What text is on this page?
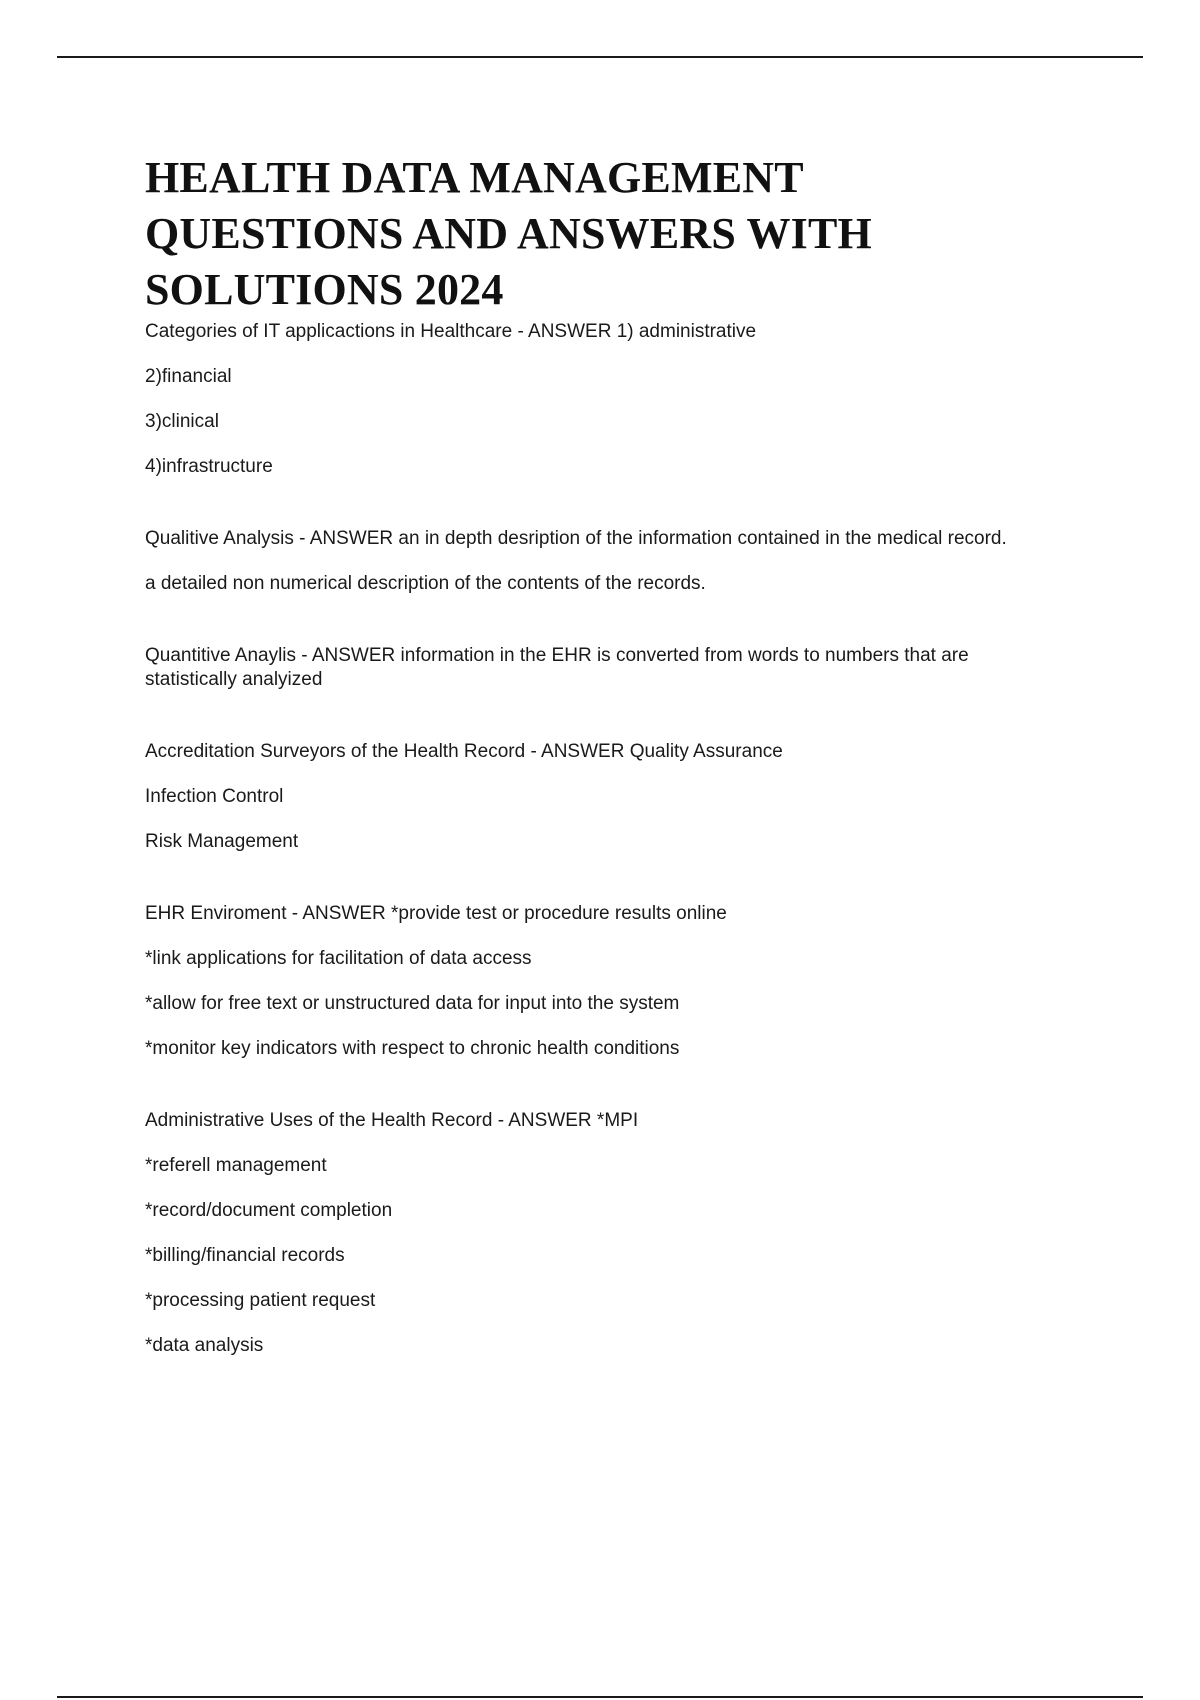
HEALTH DATA MANAGEMENT
QUESTIONS AND ANSWERS WITH
SOLUTIONS 2024

Categories of IT applicactions in Healthcare - ANSWER 1) administrative

2)financial

3)clinical

4)infrastructure

Qualitive Analysis - ANSWER an in depth desription of the information contained in the medical record.

a detailed non numerical description of the contents of the records.

Quantitive Anaylis - ANSWER information in the EHR is converted from words to numbers that are statistically analyized

Accreditation Surveyors of the Health Record - ANSWER Quality Assurance

Infection Control

Risk Management

EHR Enviroment - ANSWER *provide test or procedure results online

*link applications for facilitation of data access

*allow for free text or unstructured data for input into the system

*monitor key indicators with respect to chronic health conditions

Administrative Uses of the Health Record - ANSWER *MPI

*referell management

*record/document completion

*billing/financial records

*processing patient request

*data analysis
